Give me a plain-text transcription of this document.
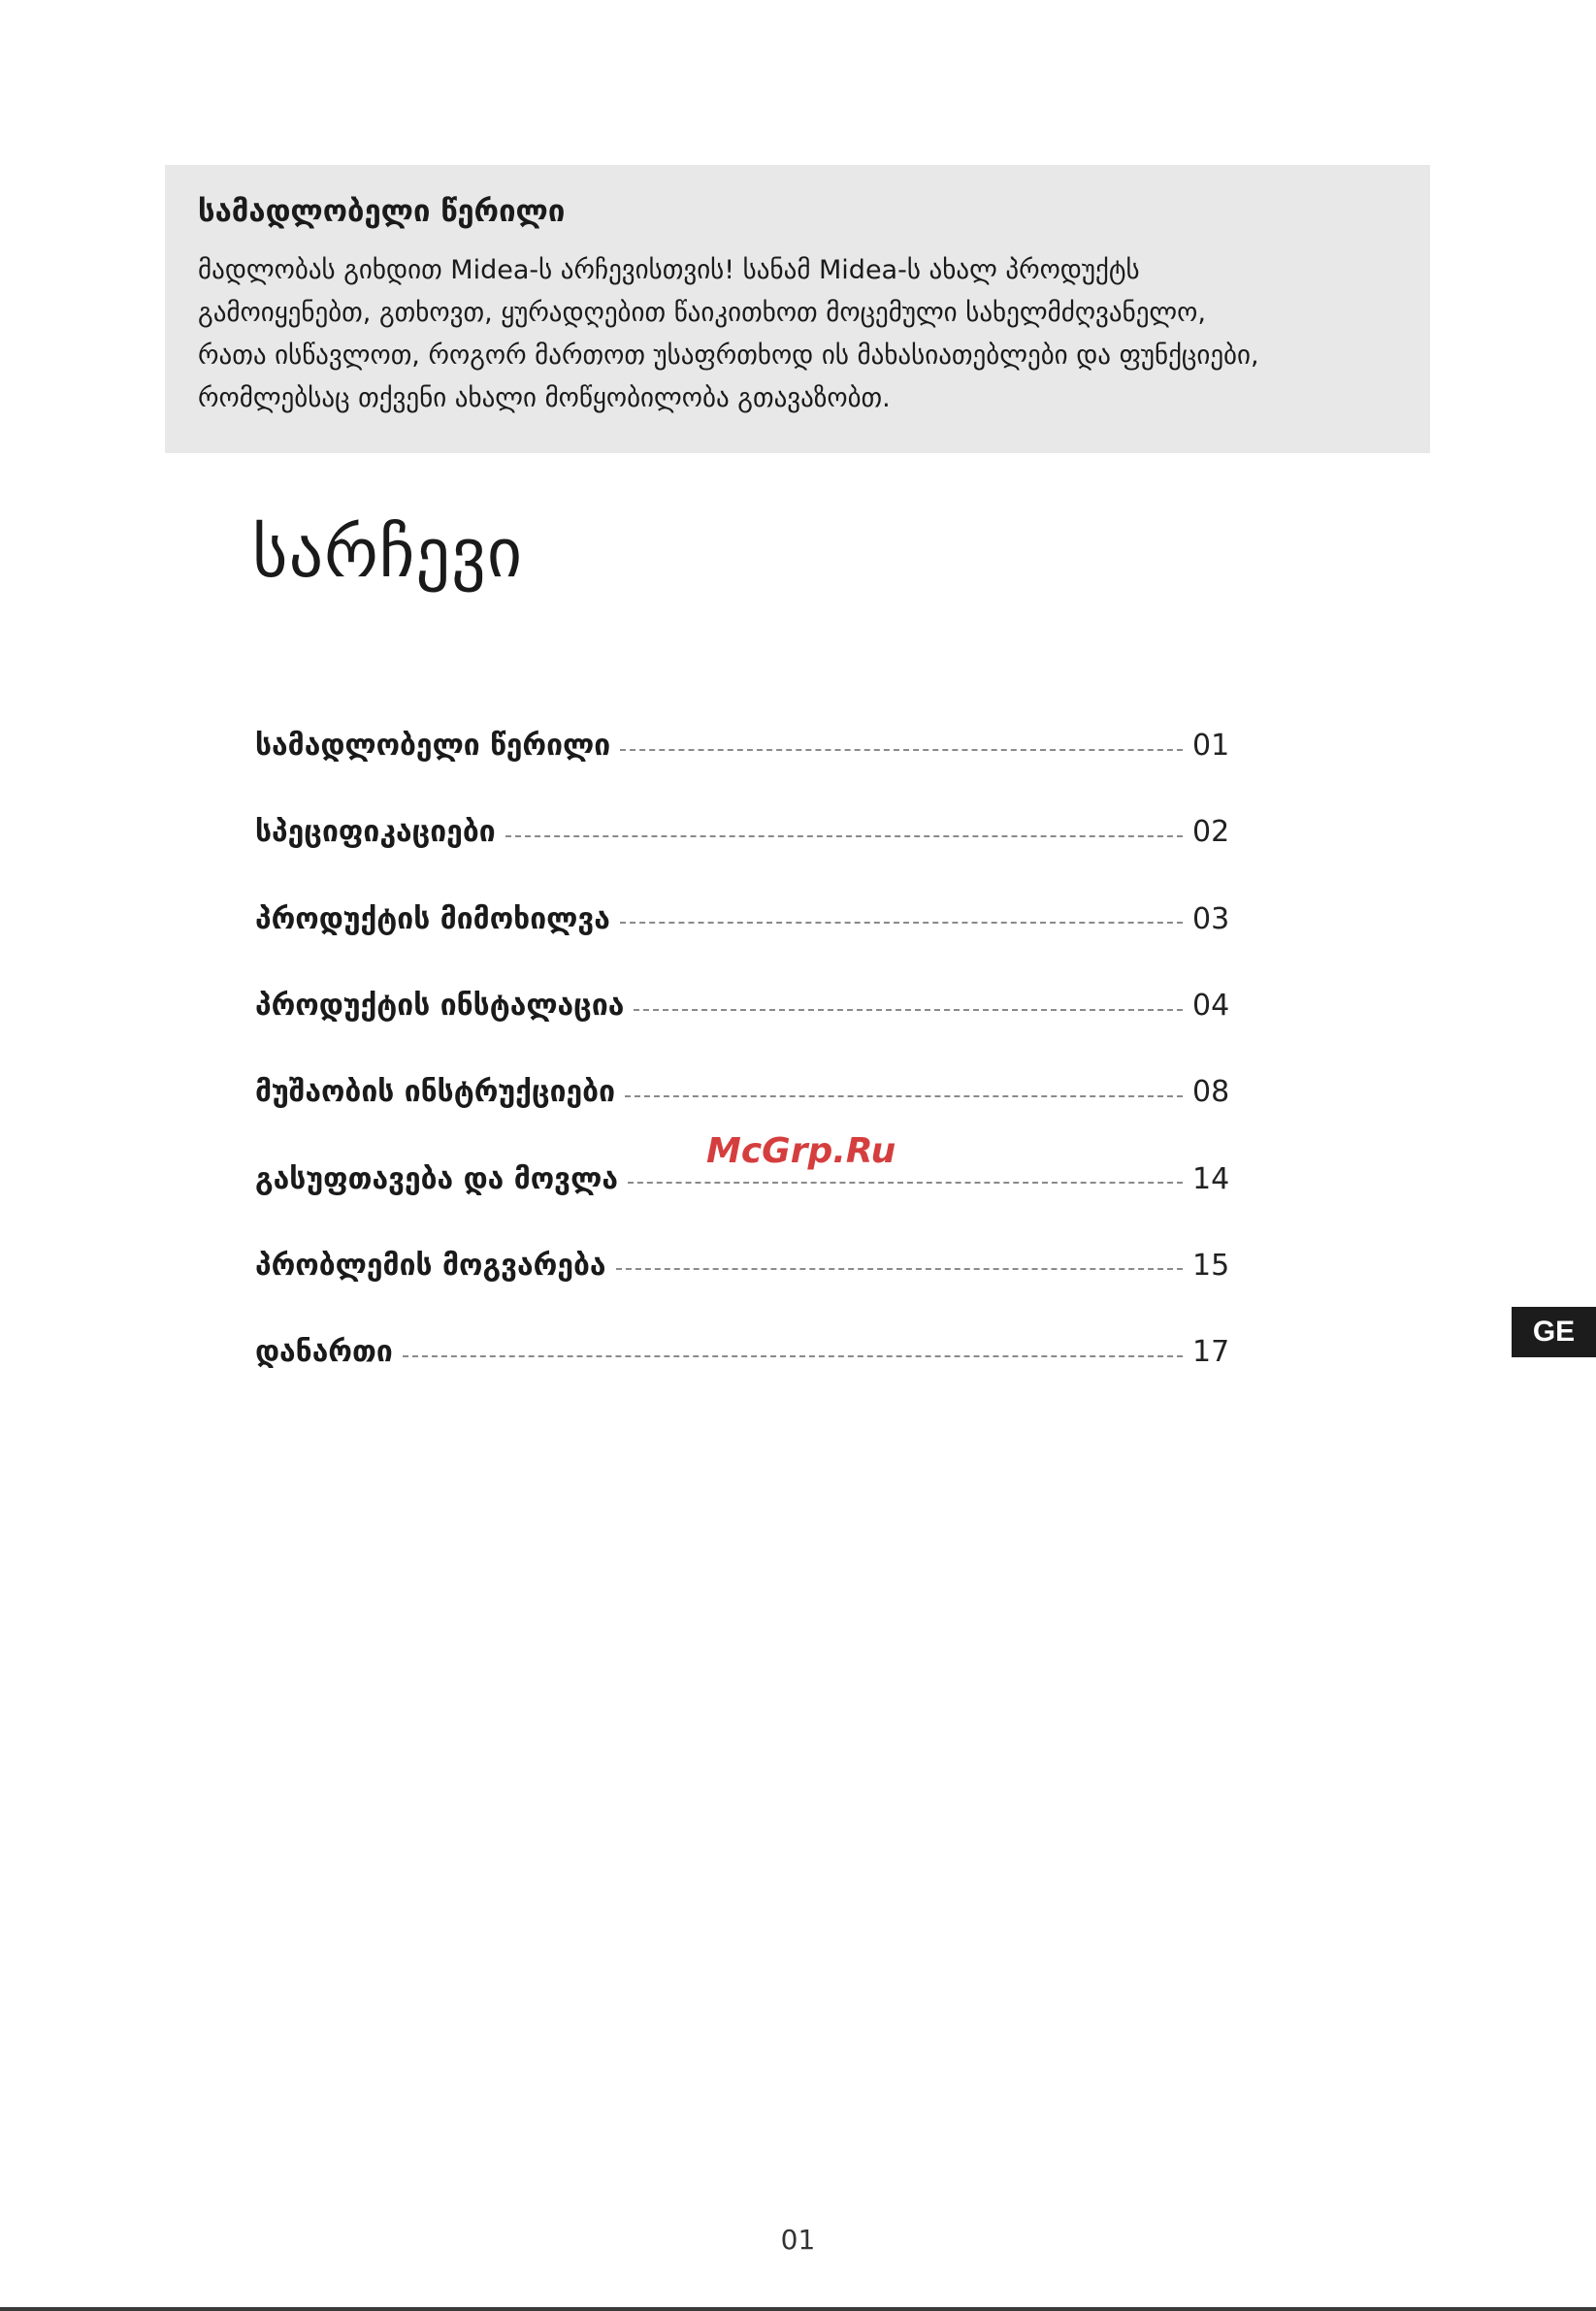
სამადლობელი წერილი

მადლობას გიხდით Midea-ს არჩევისთვის! სანამ Midea-ს ახალ პროდუქტს
გამოიყენებთ, გთხოვთ, ყურადღებით წაიკითხოთ მოცემული სახელმძღვანელო,
რათა ისწავლოთ, როგორ მართოთ უსაფრთხოდ ის მახასიათებლები და ფუნქციები,
რომლებსაც თქვენი ახალი მოწყობილობა გთავაზობთ.

სარჩევი
სამადლობელი წერილი	01
სპეციფიკაციები	02
პროდუქტის მიმოხილვა	03
პროდუქტის ინსტალაცია	04
მუშაობის ინსტრუქციები	08
გასუფთავება და მოვლა	14
პრობლემის მოგვარება	15
დანართი	17
McGrp.Ru
GE
01
